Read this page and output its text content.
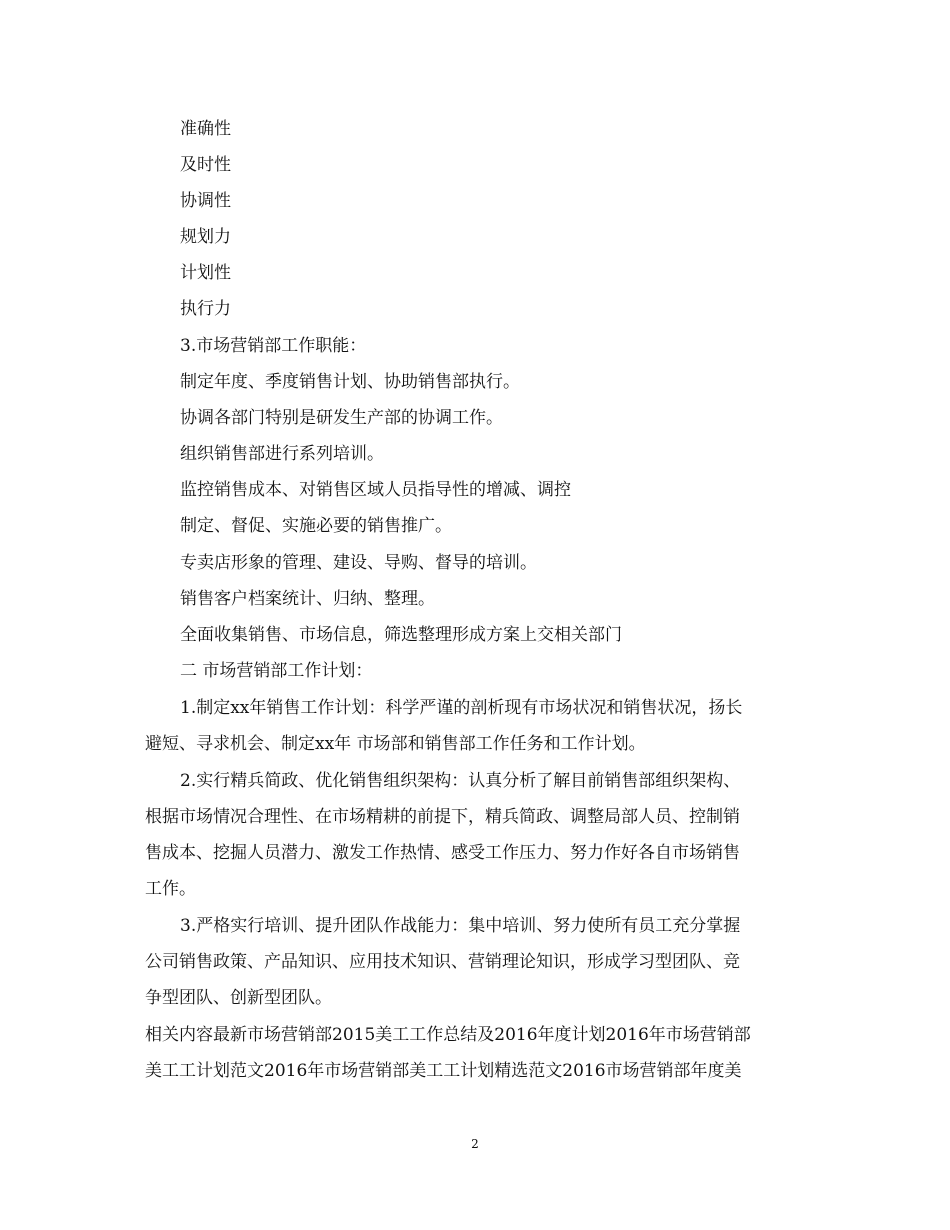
准确性
及时性
协调性
规划力
计划性
执行力
3.市场营销部工作职能：
制定年度、季度销售计划、协助销售部执行。
协调各部门特别是研发生产部的协调工作。
组织销售部进行系列培训。
监控销售成本、对销售区域人员指导性的增减、调控
制定、督促、实施必要的销售推广。
专卖店形象的管理、建设、导购、督导的培训。
销售客户档案统计、归纳、整理。
全面收集销售、市场信息，筛选整理形成方案上交相关部门
二 市场营销部工作计划：
1.制定xx年销售工作计划：科学严谨的剖析现有市场状况和销售状况，扬长
避短、寻求机会、制定xx年 市场部和销售部工作任务和工作计划。
2.实行精兵简政、优化销售组织架构：认真分析了解目前销售部组织架构、
根据市场情况合理性、在市场精耕的前提下，精兵简政、调整局部人员、控制销
售成本、挖掘人员潜力、激发工作热情、感受工作压力、努力作好各自市场销售
工作。
3.严格实行培训、提升团队作战能力：集中培训、努力使所有员工充分掌握
公司销售政策、产品知识、应用技术知识、营销理论知识，形成学习型团队、竞
争型团队、创新型团队。
相关内容最新市场营销部2015美工工作总结及2016年度计划2016年市场营销部
美工工计划范文2016年市场营销部美工工计划精选范文2016市场营销部年度美
2
